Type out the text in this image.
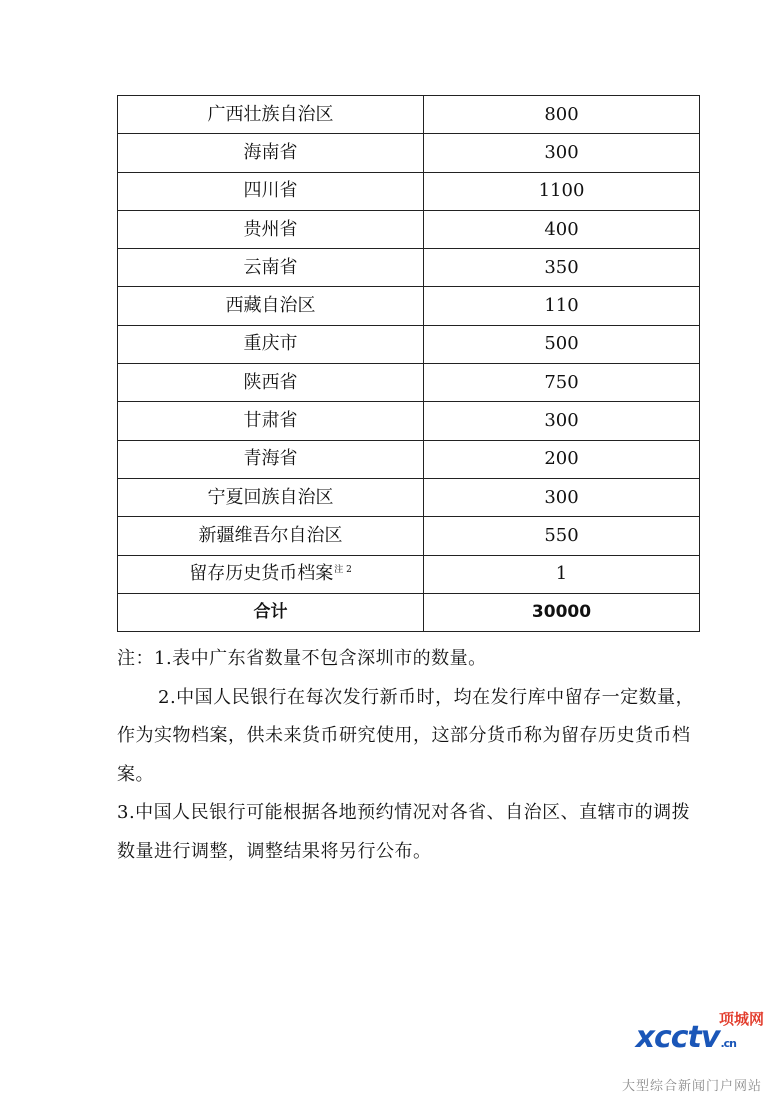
广西壮族自治区	800
海南省	300
四川省	1100
贵州省	400
云南省	350
西藏自治区	110
重庆市	500
陕西省	750
甘肃省	300
青海省	200
宁夏回族自治区	300
新疆维吾尔自治区	550
留存历史货币档案$^{注 2}$	1
合计	30000

注：1.表中广东省数量不包含深圳市的数量。

2.中国人民银行在每次发行新币时，均在发行库中留存一定数量，作为实物档案，供未来货币研究使用，这部分货币称为留存历史货币档案。

3.中国人民银行可能根据各地预约情况对各省、自治区、直辖市的调拨数量进行调整，调整结果将另行公布。

项城网
xcctv.cn
大型综合新闻门户网站
